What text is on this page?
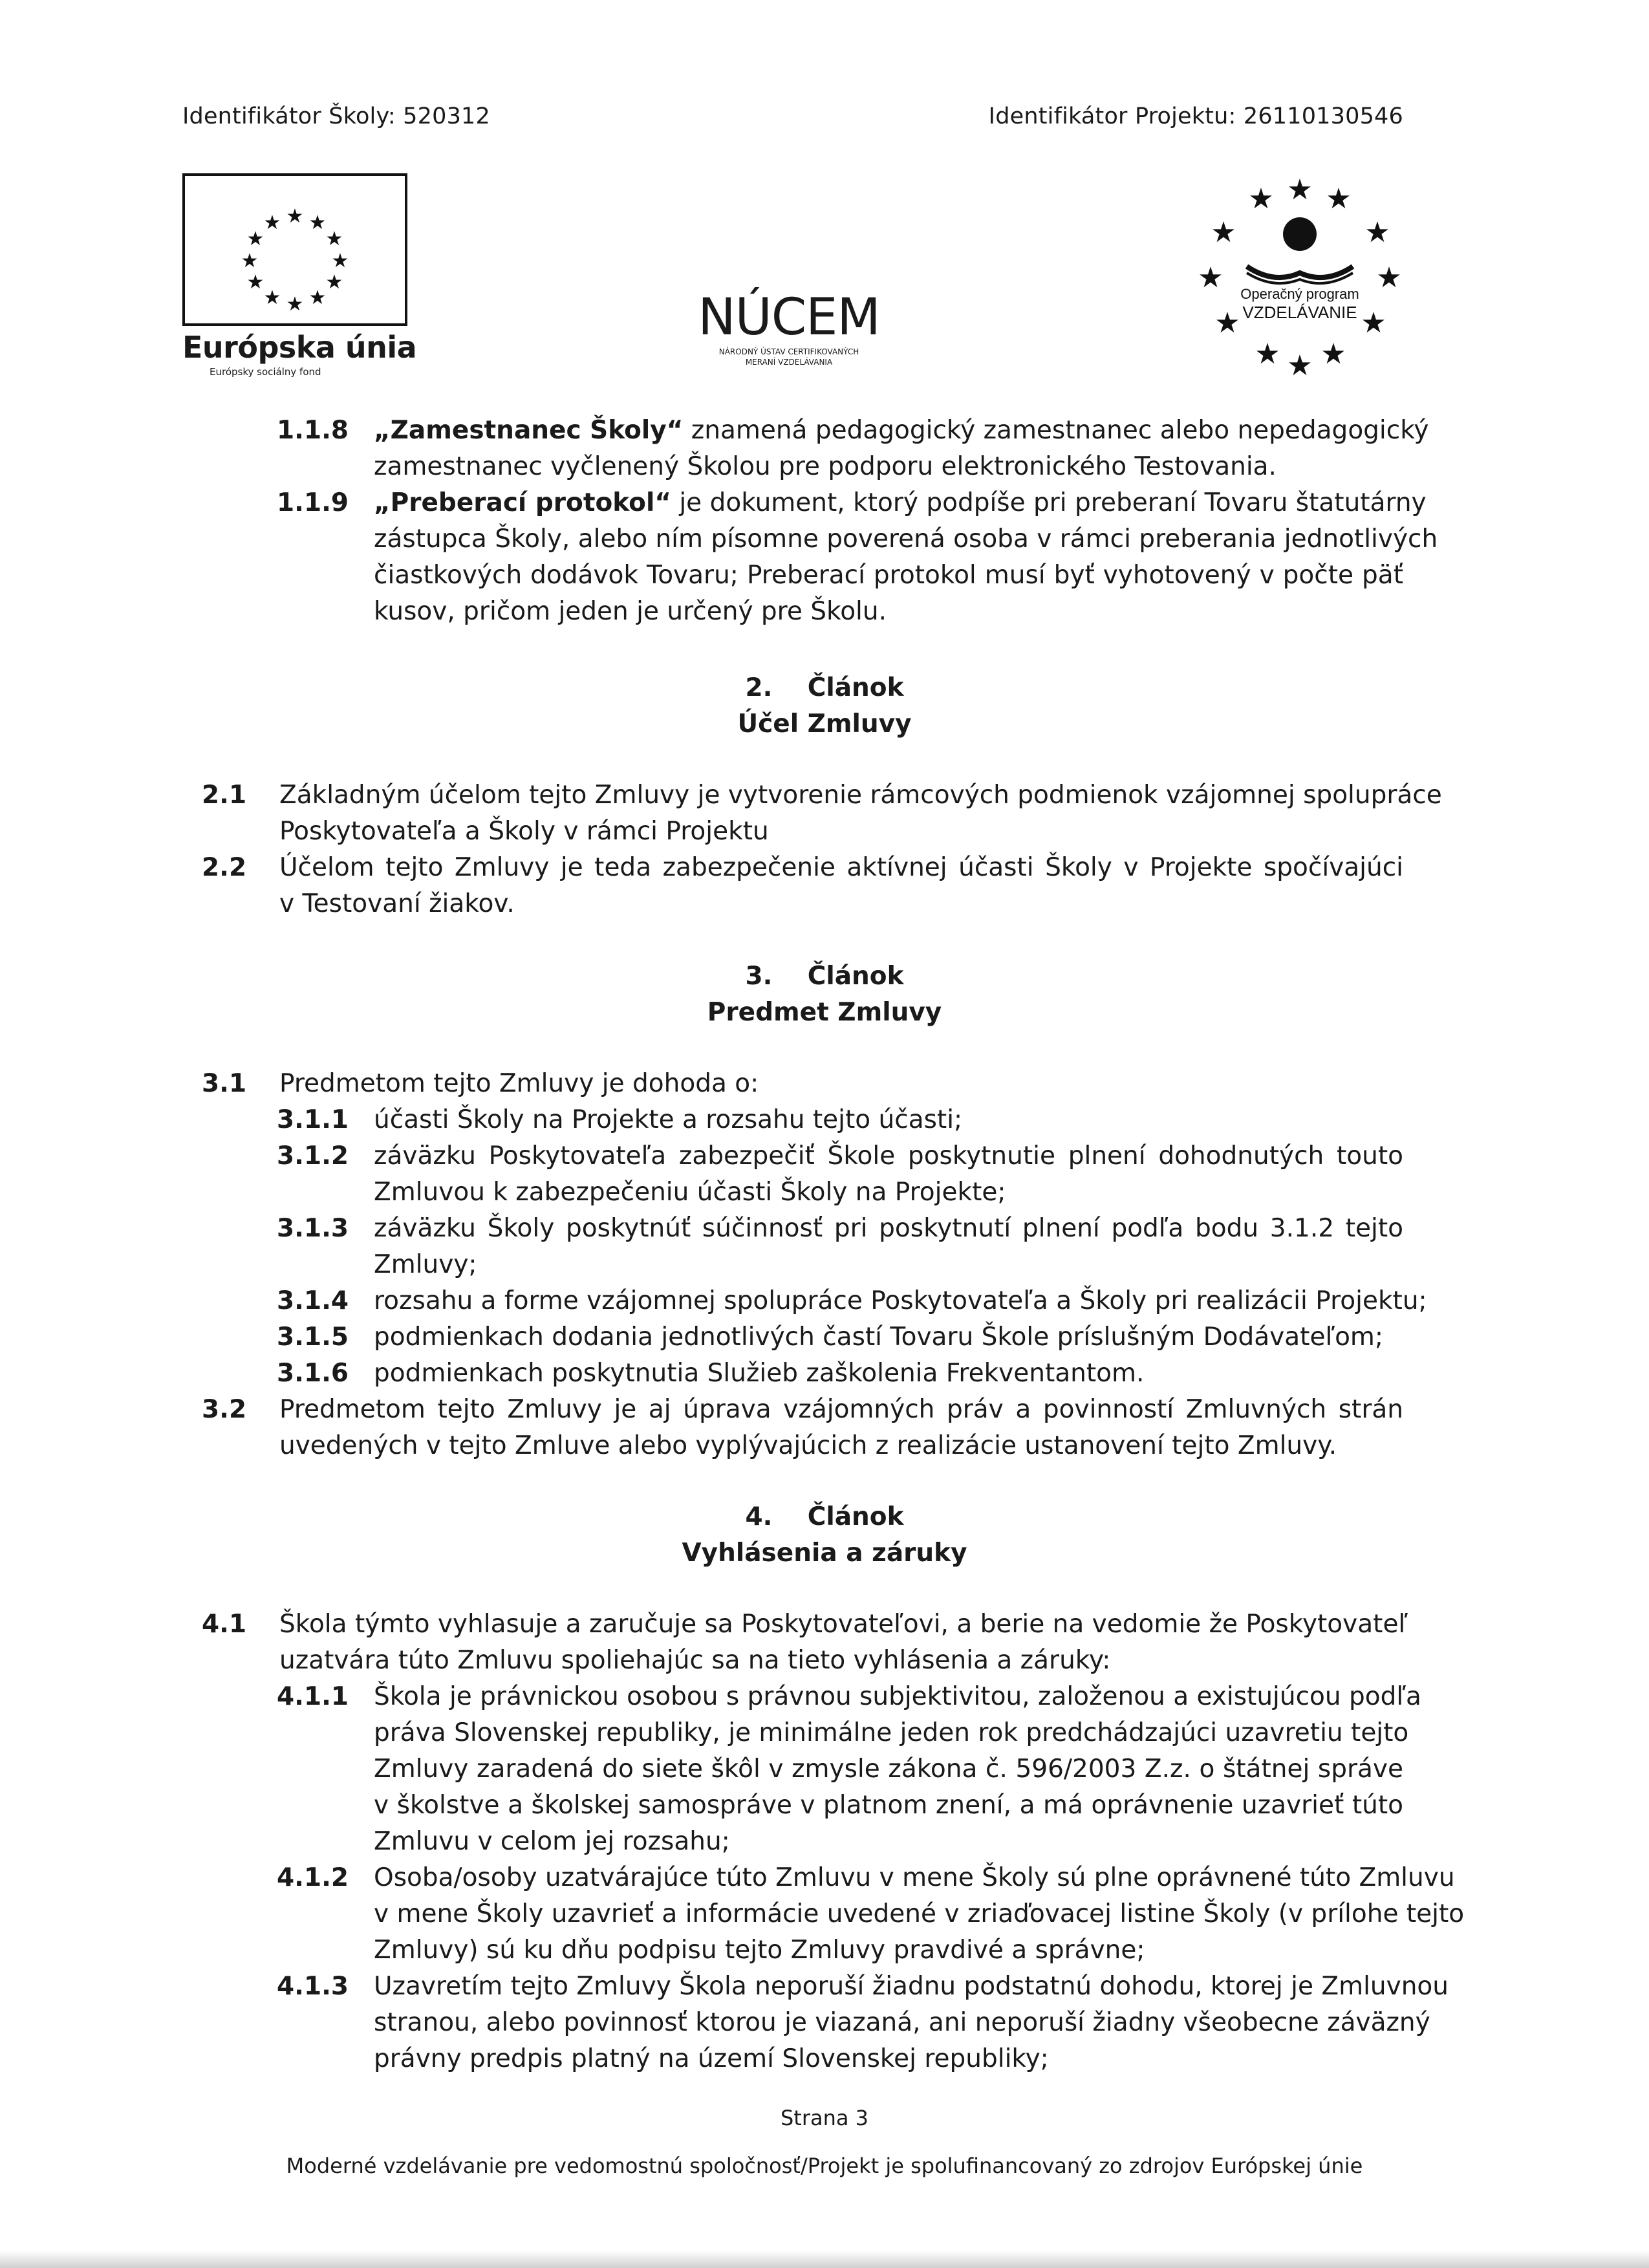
Identifikátor Školy: 520312	Identifikátor Projektu: 26110130546
★ ★
★
★
★
★
★
★
★
★
★
★
Európska únia
Európsky sociálny fond
NÚCEM
NÁRODNÝ ÚSTAV CERTIFIKOVANÝCH
MERANÍ VZDELÁVANIA
★
★ ★
★	★
★	★
★	★
★ ★
★
Operačný program
VZDELÁVANIE
1.1.8 „Zamestnanec Školy“ znamená pedagogický zamestnanec alebo nepedagogický
zamestnanec vyčlenený Školou pre podporu elektronického Testovania.
1.1.9 „Preberací protokol“ je dokument, ktorý podpíše pri preberaní Tovaru štatutárny
zástupca Školy, alebo ním písomne poverená osoba v rámci preberania jednotlivých
čiastkových dodávok Tovaru; Preberací protokol musí byť vyhotovený v počte päť
kusov, pričom jeden je určený pre Školu.
2. Článok
Účel Zmluvy
2.1 Základným účelom tejto Zmluvy je vytvorenie rámcových podmienok vzájomnej spolupráce
Poskytovateľa a Školy v rámci Projektu
2.2 Účelom tejto Zmluvy je teda zabezpečenie aktívnej účasti Školy v Projekte spočívajúci
v Testovaní žiakov.
3. Článok
Predmet Zmluvy
3.1 Predmetom tejto Zmluvy je dohoda o:
3.1.1 účasti Školy na Projekte a rozsahu tejto účasti;
3.1.2 záväzku Poskytovateľa zabezpečiť Škole poskytnutie plnení dohodnutých touto
Zmluvou k zabezpečeniu účasti Školy na Projekte;
3.1.3 záväzku Školy poskytnúť súčinnosť pri poskytnutí plnení podľa bodu 3.1.2 tejto
Zmluvy;
3.1.4 rozsahu a forme vzájomnej spolupráce Poskytovateľa a Školy pri realizácii Projektu;
3.1.5 podmienkach dodania jednotlivých častí Tovaru Škole príslušným Dodávateľom;
3.1.6 podmienkach poskytnutia Služieb zaškolenia Frekventantom.
3.2 Predmetom tejto Zmluvy je aj úprava vzájomných práv a povinností Zmluvných strán
uvedených v tejto Zmluve alebo vyplývajúcich z realizácie ustanovení tejto Zmluvy.
4. Článok
Vyhlásenia a záruky
4.1 Škola týmto vyhlasuje a zaručuje sa Poskytovateľovi, a berie na vedomie že Poskytovateľ
uzatvára túto Zmluvu spoliehajúc sa na tieto vyhlásenia a záruky:
4.1.1 Škola je právnickou osobou s právnou subjektivitou, založenou a existujúcou podľa
práva Slovenskej republiky, je minimálne jeden rok predchádzajúci uzavretiu tejto
Zmluvy zaradená do siete škôl v zmysle zákona č. 596/2003 Z.z. o štátnej správe
v školstve a školskej samospráve v platnom znení, a má oprávnenie uzavrieť túto
Zmluvu v celom jej rozsahu;
4.1.2 Osoba/osoby uzatvárajúce túto Zmluvu v mene Školy sú plne oprávnené túto Zmluvu
v mene Školy uzavrieť a informácie uvedené v zriaďovacej listine Školy (v prílohe tejto
Zmluvy) sú ku dňu podpisu tejto Zmluvy pravdivé a správne;
4.1.3 Uzavretím tejto Zmluvy Škola neporuší žiadnu podstatnú dohodu, ktorej je Zmluvnou
stranou, alebo povinnosť ktorou je viazaná, ani neporuší žiadny všeobecne záväzný
právny predpis platný na území Slovenskej republiky;
Strana 3
Moderné vzdelávanie pre vedomostnú spoločnosť/Projekt je spolufinancovaný zo zdrojov Európskej únie
